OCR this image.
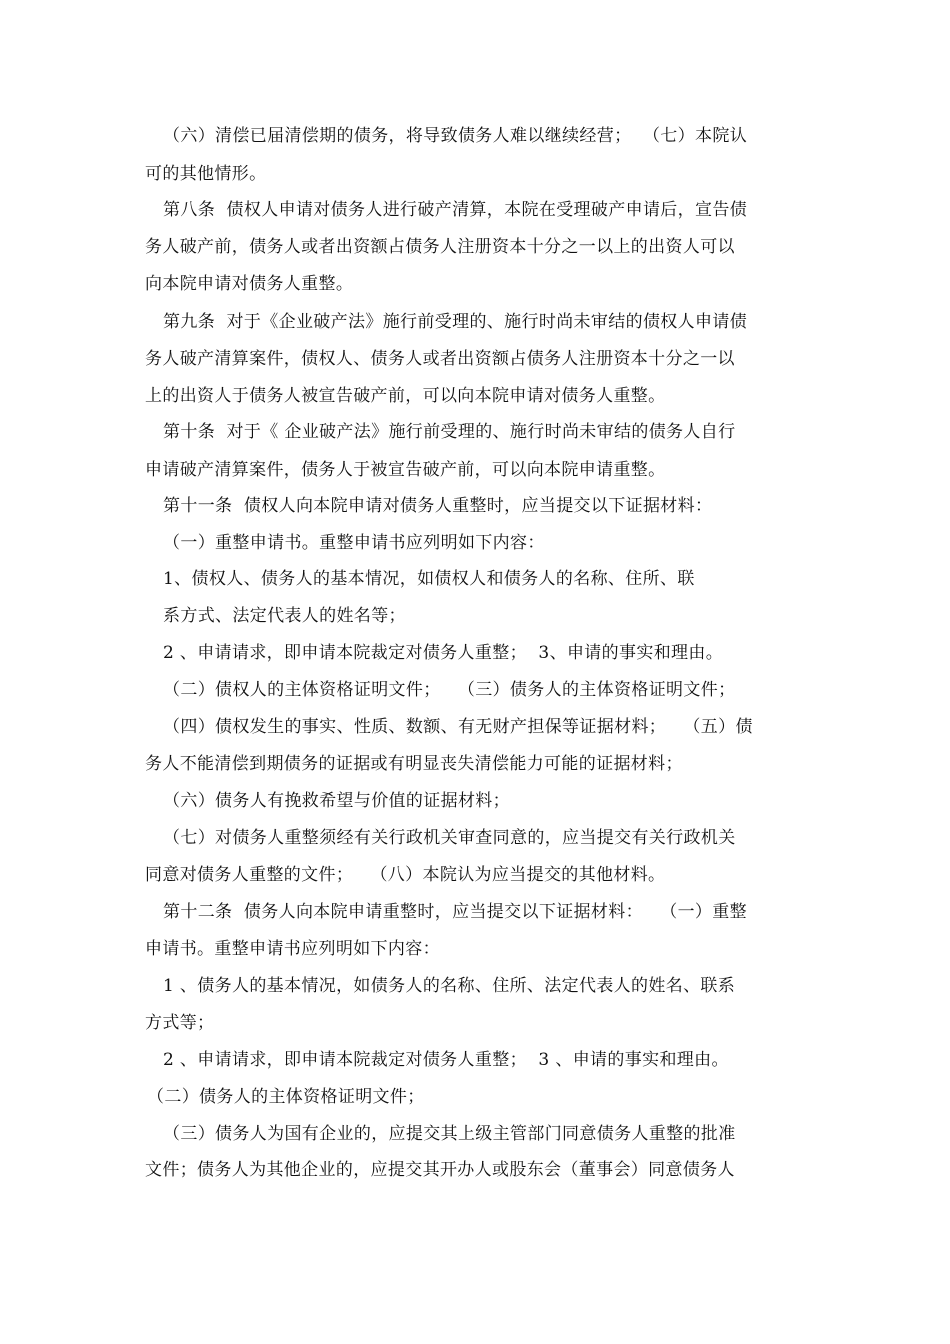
（六）清偿已届清偿期的债务，将导致债务人难以继续经营；  （七）本院认
可的其他情形。
第八条  债权人申请对债务人进行破产清算，本院在受理破产申请后，宣告债
务人破产前，债务人或者出资额占债务人注册资本十分之一以上的出资人可以
向本院申请对债务人重整。
第九条  对于《企业破产法》施行前受理的、施行时尚未审结的债权人申请债
务人破产清算案件，债权人、债务人或者出资额占债务人注册资本十分之一以
上的出资人于债务人被宣告破产前，可以向本院申请对债务人重整。
第十条  对于《 企业破产法》施行前受理的、施行时尚未审结的债务人自行
申请破产清算案件，债务人于被宣告破产前，可以向本院申请重整。
第十一条  债权人向本院申请对债务人重整时，应当提交以下证据材料：
（一）重整申请书。重整申请书应列明如下内容：
1、债权人、债务人的基本情况，如债权人和债务人的名称、住所、联
系方式、法定代表人的姓名等；
2 、申请请求，即申请本院裁定对债务人重整；  3、申请的事实和理由。
（二）债权人的主体资格证明文件；   （三）债务人的主体资格证明文件；
（四）债权发生的事实、性质、数额、有无财产担保等证据材料；   （五）债
务人不能清偿到期债务的证据或有明显丧失清偿能力可能的证据材料；
（六）债务人有挽救希望与价值的证据材料；
（七）对债务人重整须经有关行政机关审查同意的，应当提交有关行政机关
同意对债务人重整的文件；   （八）本院认为应当提交的其他材料。
第十二条  债务人向本院申请重整时，应当提交以下证据材料：   （一）重整
申请书。重整申请书应列明如下内容：
1 、债务人的基本情况，如债务人的名称、住所、法定代表人的姓名、联系
方式等；
2 、申请请求，即申请本院裁定对债务人重整；  3 、申请的事实和理由。
（二）债务人的主体资格证明文件；
（三）债务人为国有企业的，应提交其上级主管部门同意债务人重整的批准
文件；债务人为其他企业的，应提交其开办人或股东会（董事会）同意债务人
